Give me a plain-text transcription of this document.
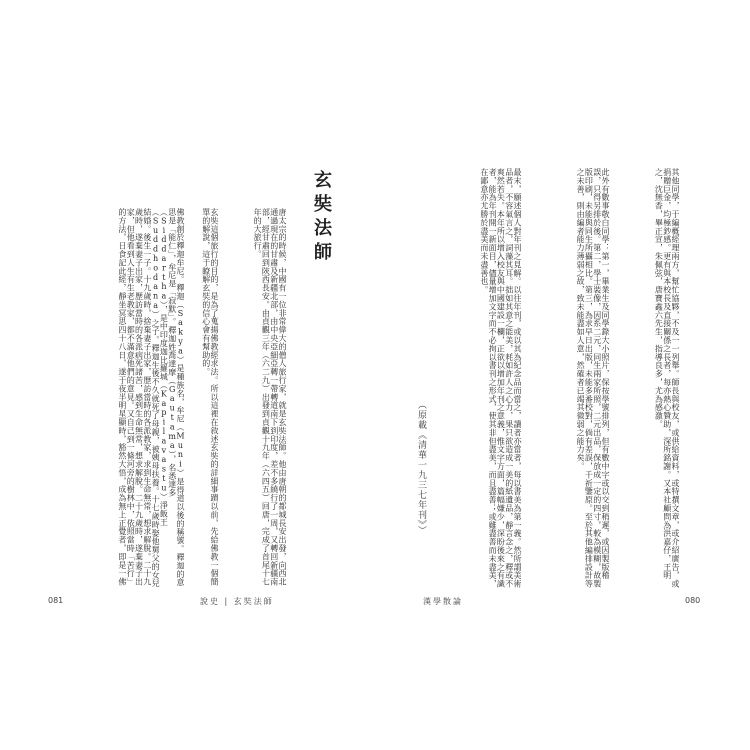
玄奘法師
唐太宗的時候，中國有一位非常偉大的僧人旅行家，就是玄奘法師。他由唐朝的都城長安出發，向西北通過現在的甘肅及新疆北部，由中央亞細亞轉一帶轉道南下到印度，差不多繞行了一周，又轉回新疆南部，經甘肅回到陝西長安。由貞觀三年（六二九）出發到貞觀十九年（六四五）回唐，完成了首尾十七年的大旅行。
玄奘這個旅行的目的，是為了蒐揚佛教經求法。所以這裡在敘述玄奘的詳細事蹟以前，先給佛教一個簡單的解說，這于瞭解玄奘的信心會有幫助的。
佛教創於釋迦牟尼。釋迦（Sakya）是種族名，牟尼（Muni）是得道以後的稱號。釋迦的意思是「能仁」，牟尼是「寂默」。釋迦姓喬達摩（Gautama），名悉達多（Siddartha），是中印度迦比羅城（Kapilavastu）淨飯王（Suddhodana）之子。釋迦生後不久就死了母親，被姨母扶養。十七歲時娶他舅父的女兒結婚。後生一子。十九歲時，捨棄妻子出家，歷訪當時的各派教家，求到生命無常，想求解脫。二十九歲時，遂棄妻子出家，歷訪當時的各派病死諸苦，感到生命無常，想求解脫。二十九歲時，遂棄妻子出家，但他看到人生有生老教家，都不滿意他們的意見。又自己到一條河旁的樹林中，依照當時「苦行」的方法，日食記此經，靜坐冥思四十八日，遂于夜半明星顯時，豁然大悟，成為無上正覺者，即是一佛
081	說史 | 玄奘法師
其他同學，于編概經理兩方，幫忙協夥，不及一一列舉。師長與校友，或供給資料，或特撰文章，或介紹廣告，或捐贈巨金，均極鈔感。更有與本校長及直接關係之長者，每亦熱心贊助，深所銘謝。又本社顧問為洪嘉仔，王明之，沈無香，畢正宣，朱佩弦，唐寶鑫六先生，指導良多，尤為感激。
此外有數事敬白同學：第一，畢業生及同學錄大小照片，保按學號排列，但有數中字或以交到稍遲，或因製版稽誤，只得另排於後。第二，學士裝像，因系二元，同生兩家所照，二元出品，保放成一定的四寸，較為模糊，故製版印刷，未能與同生所攝相比。第三，為求早日出版，未能多番校對，倘有差誤，千祈鑒原。至於其他編排設計等之未善，則由編者能力薄弱之故，致未能盡如人意，然確者已竭其微弱之能力矣。
最末，願述個人對年刊之見解。以往年刊，或以其為紀念品而當之，讀者亦當者，每以書美為第一義。然所謂美術品者，不容氣言之，詞藻其耳。拙如其意之能美，耗如許人之心力，果只欲造成一美的紙遺品，靜言念之，釋或不爽然若失。本年所以增入校友與中國建設一欄，正欲以增加年刊之意義，惟文字方面，篇幅嫌少，深盼後來之有識者，能為年刊開一新面目，儘量增加文字而不必拘以書刊之形式，使其非但盡美，而且盡善；或雖盡善而未盡美，在鄙意亦尤勝於盡美而未盡善也。
（原載《清華一九三七年刊》）
漢學散論	080
